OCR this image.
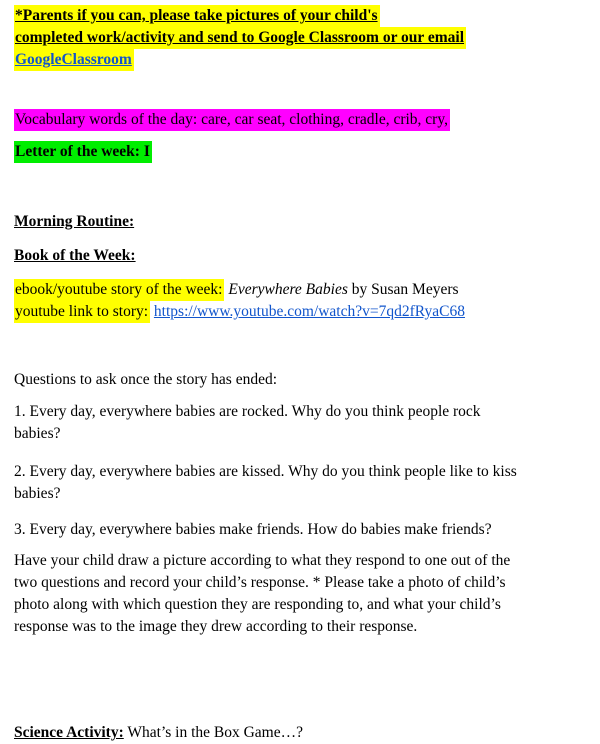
*Parents if you can, please take pictures of your child's
completed work/activity and send to Google Classroom or our email
GoogleClassroom

Vocabulary words of the day: care, car seat, clothing, cradle, crib, cry,

Letter of the week: I

Morning Routine:

Book of the Week:

ebook/youtube story of the week: Everywhere Babies by Susan Meyers
youtube link to story: https://www.youtube.com/watch?v=7qd2fRyaC68

Questions to ask once the story has ended:

1. Every day, everywhere babies are rocked. Why do you think people rock
babies?

2. Every day, everywhere babies are kissed. Why do you think people like to kiss
babies?

3. Every day, everywhere babies make friends. How do babies make friends?

Have your child draw a picture according to what they respond to one out of the
two questions and record your child’s response. * Please take a photo of child’s
photo along with which question they are responding to, and what your child’s
response was to the image they drew according to their response.

Science Activity: What’s in the Box Game…?
